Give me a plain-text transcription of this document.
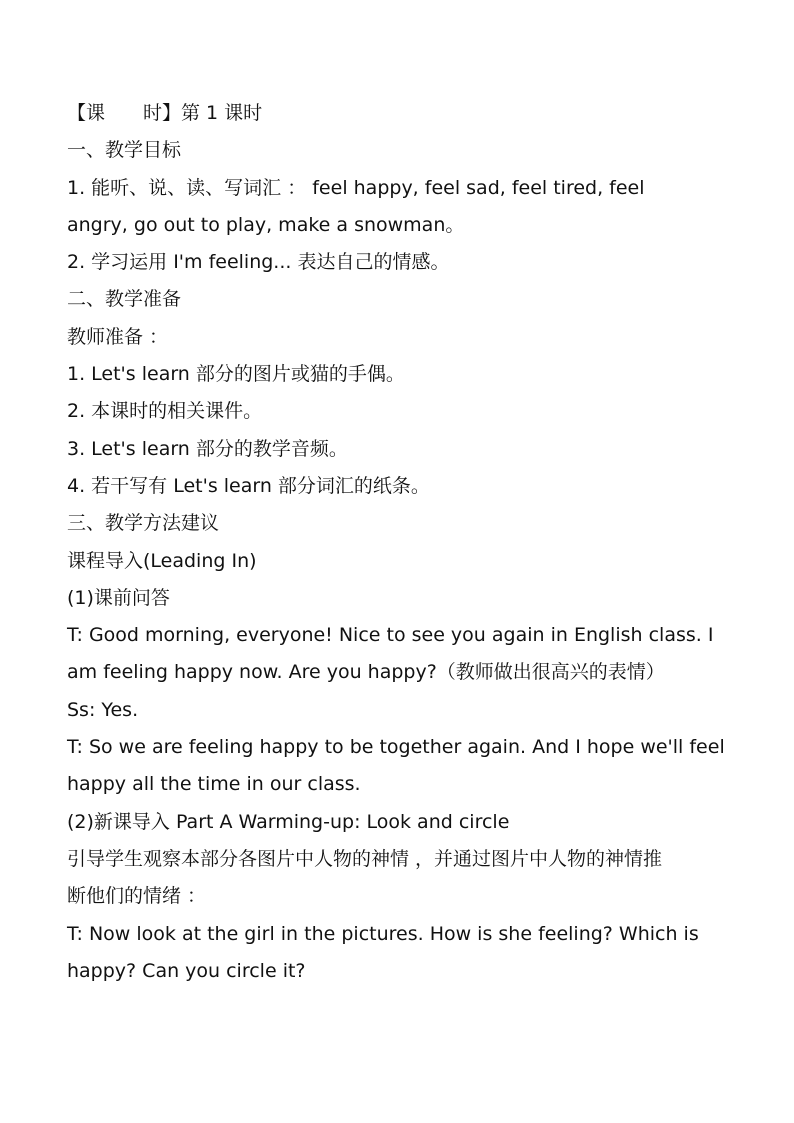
【课　　时】第 1 课时
一、教学目标
1. 能听、说、读、写词汇 ： feel happy, feel sad, feel tired, feel
angry, go out to play, make a snowman。
2. 学习运用 I'm feeling... 表达自己的情感。
二、教学准备
教师准备 ：
1. Let's learn 部分的图片或猫的手偶。
2. 本课时的相关课件。
3. Let's learn 部分的教学音频。
4. 若干写有 Let's learn 部分词汇的纸条。
三、教学方法建议
课程导入(Leading In)
(1)课前问答
T: Good morning, everyone! Nice to see you again in English class. I
am feeling happy now. Are you happy?（教师做出很高兴的表情）
Ss: Yes.
T: So we are feeling happy to be together again. And I hope we'll feel
happy all the time in our class.
(2)新课导入 Part A Warming-up: Look and circle
引导学生观察本部分各图片中人物的神情 ，并通过图片中人物的神情推
断他们的情绪 ：
T: Now look at the girl in the pictures. How is she feeling? Which is
happy? Can you circle it?
